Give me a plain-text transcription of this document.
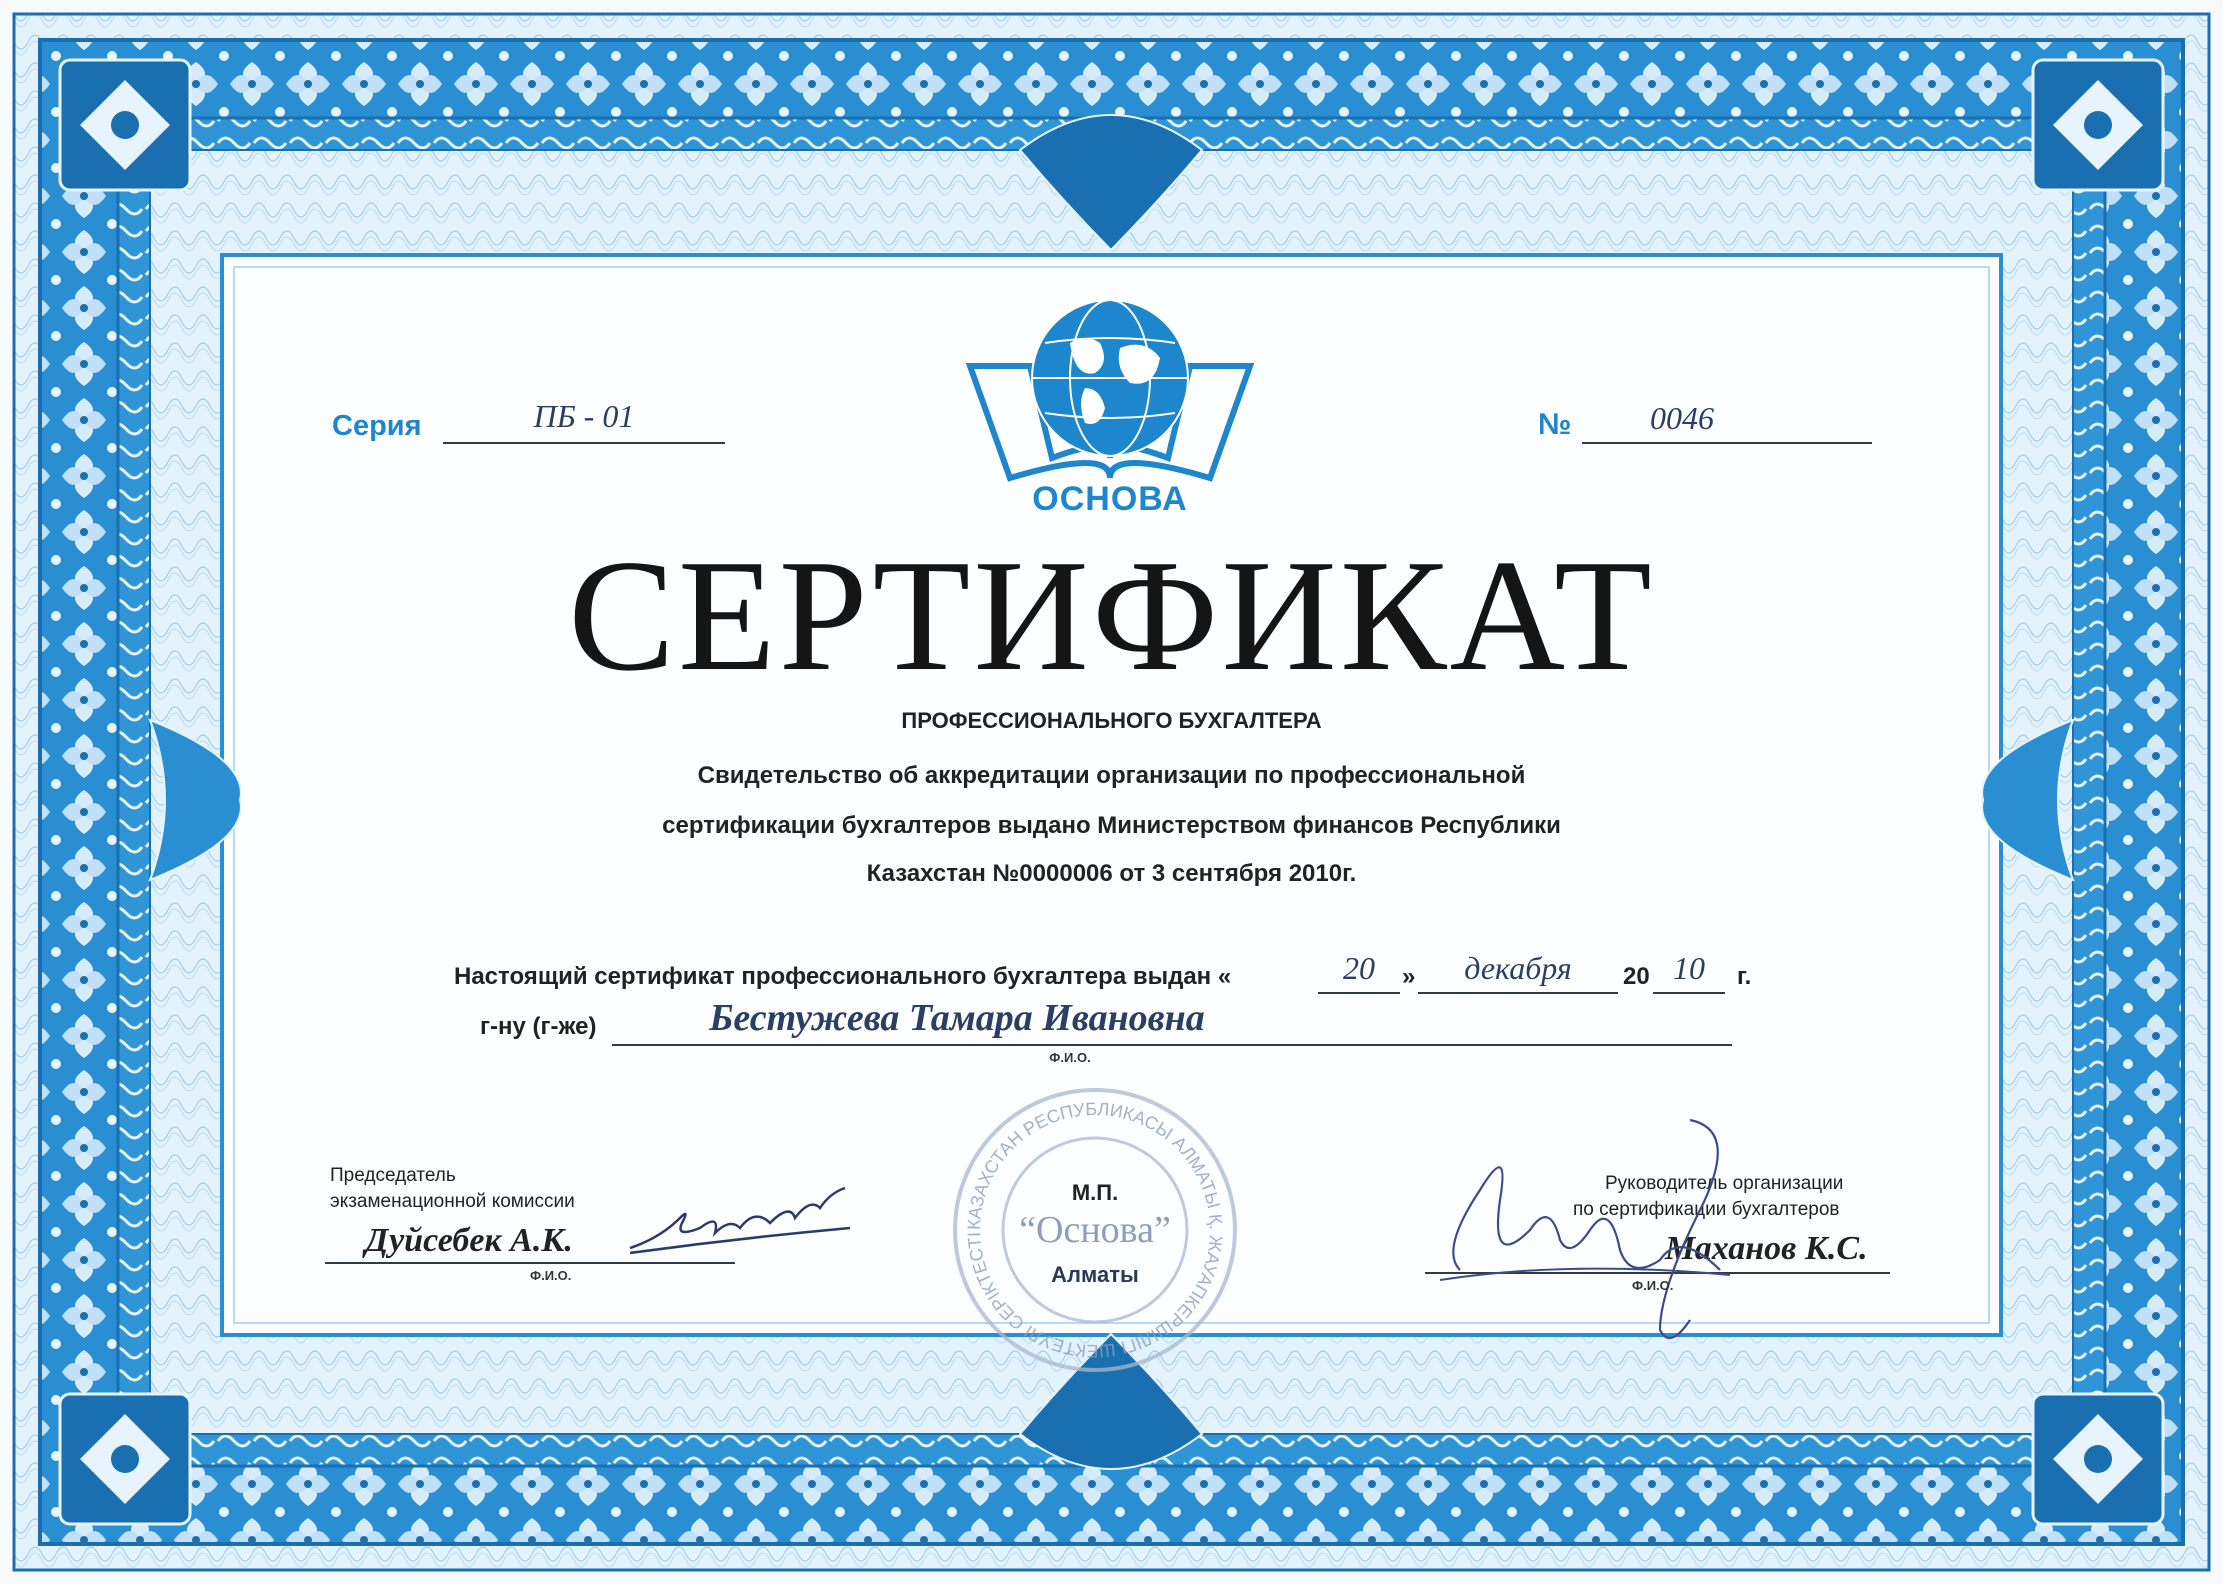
ОСНОВА
Серия	ПБ - 01	№	0046
СЕРТИФИКАТ
ПРОФЕССИОНАЛЬНОГО БУХГАЛТЕРА
Свидетельство об аккредитации организации по профессиональной
сертификации бухгалтеров выдано Министерством финансов Республики
Казахстан №0000006 от 3 сентября 2010г.
Настоящий сертификат профессионального бухгалтера выдан «	20	»	декабря	20 10	г.
г-ну (г-же)	Бестужева Тамара Ивановна
Ф.И.О.
КАЗАХСТАН РЕСПУБЛИКАСЫ АЛМАТЫ Қ. ЖАУАПКЕРШІЛІГІ ШЕКТЕУЛІ СЕРІКТЕСТІ
М.П.
“Основа”
Алматы
Председатель
экзаменационной комиссии
Дуйсебек А.К.
Ф.И.О.
Руководитель организации
по сертификации бухгалтеров
Маханов К.С.
Ф.И.О.
